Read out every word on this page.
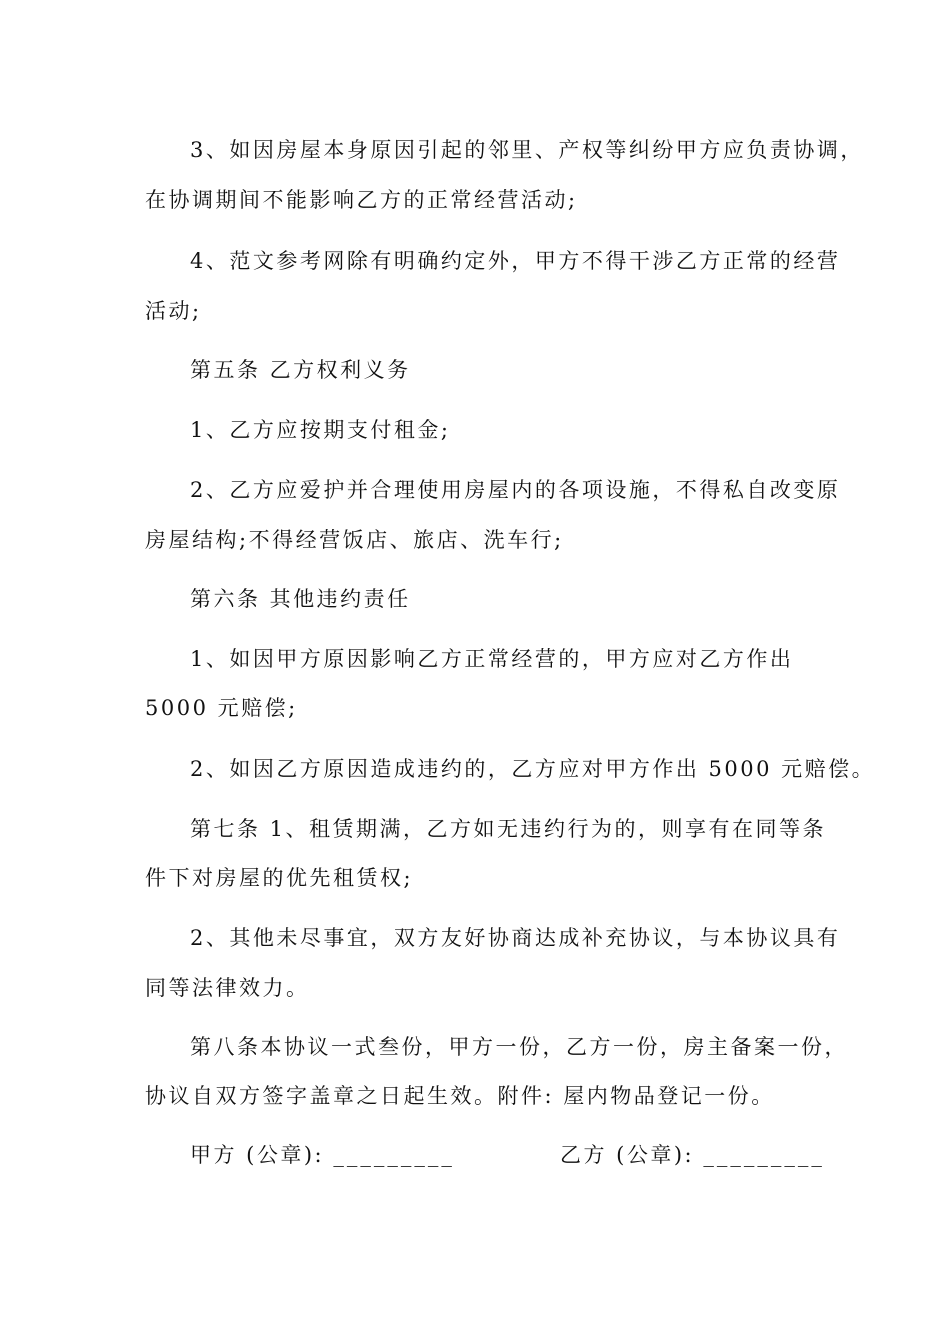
3、如因房屋本身原因引起的邻里、产权等纠纷甲方应负责协调，
在协调期间不能影响乙方的正常经营活动;
4、范文参考网除有明确约定外，甲方不得干涉乙方正常的经营
活动;
第五条 乙方权利义务
1、乙方应按期支付租金;
2、乙方应爱护并合理使用房屋内的各项设施，不得私自改变原
房屋结构;不得经营饭店、旅店、洗车行;
第六条 其他违约责任
1、如因甲方原因影响乙方正常经营的，甲方应对乙方作出
5000 元赔偿;
2、如因乙方原因造成违约的，乙方应对甲方作出 5000 元赔偿。
第七条 1、租赁期满，乙方如无违约行为的，则享有在同等条
件下对房屋的优先租赁权;
2、其他未尽事宜，双方友好协商达成补充协议，与本协议具有
同等法律效力。
第八条本协议一式叁份，甲方一份，乙方一份，房主备案一份，
协议自双方签字盖章之日起生效。附件: 屋内物品登记一份。
甲方 (公章): _________	乙方 (公章): _________
